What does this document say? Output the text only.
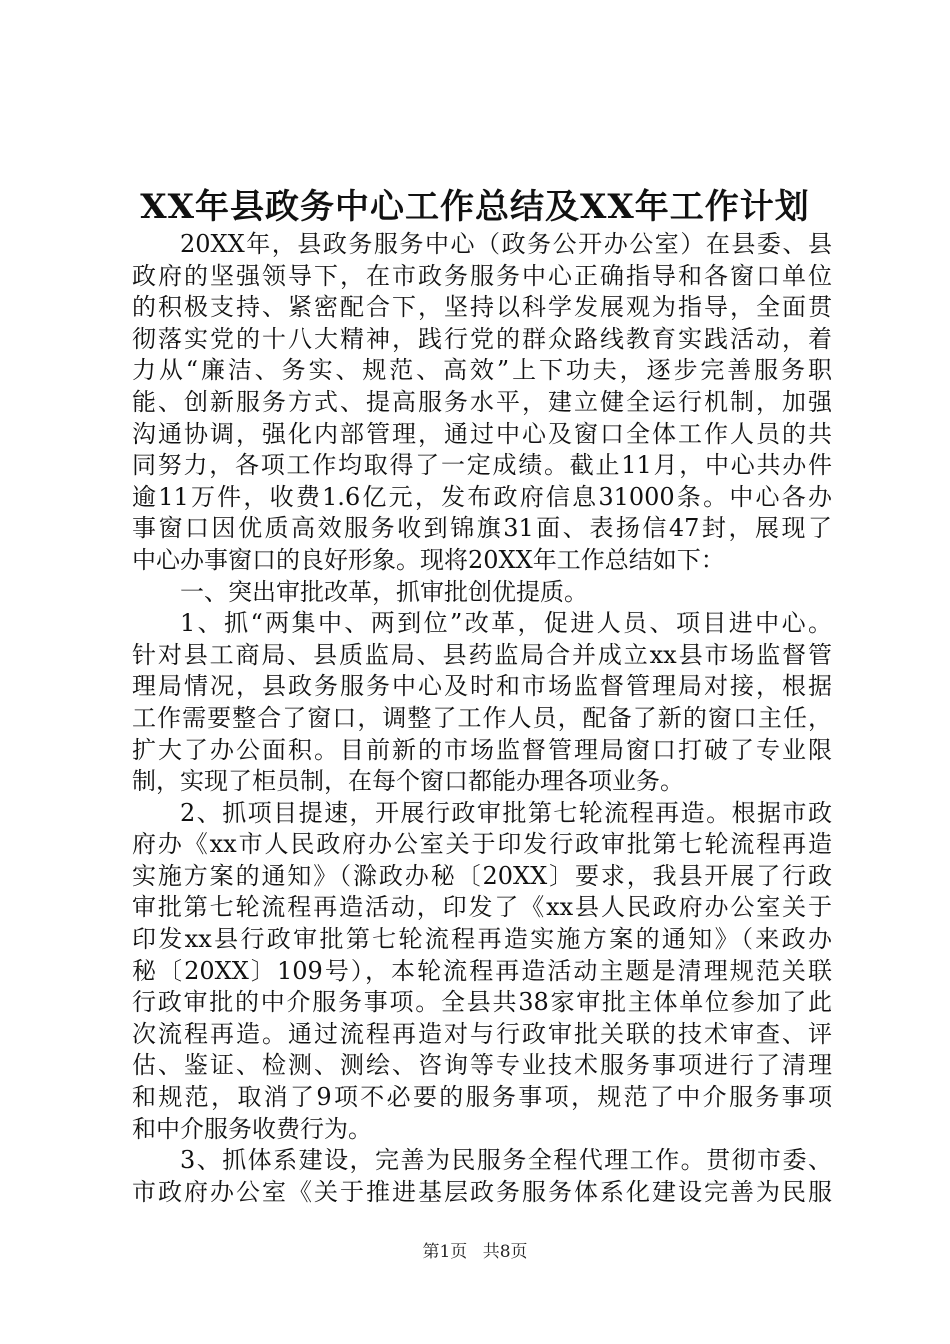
XX年县政务中心工作总结及XX年工作计划
20XX年，县政务服务中心（政务公开办公室）在县委、县
政府的坚强领导下，在市政务服务中心正确指导和各窗口单位
的积极支持、紧密配合下，坚持以科学发展观为指导，全面贯
彻落实党的十八大精神，践行党的群众路线教育实践活动，着
力从“廉洁、务实、规范、高效”上下功夫，逐步完善服务职
能、创新服务方式、提高服务水平，建立健全运行机制，加强
沟通协调，强化内部管理，通过中心及窗口全体工作人员的共
同努力，各项工作均取得了一定成绩。截止11月，中心共办件
逾11万件，收费1.6亿元，发布政府信息31000条。中心各办
事窗口因优质高效服务收到锦旗31面、表扬信47封，展现了
中心办事窗口的良好形象。现将20XX年工作总结如下：
一、突出审批改革，抓审批创优提质。
1、抓“两集中、两到位”改革，促进人员、项目进中心。
针对县工商局、县质监局、县药监局合并成立xx县市场监督管
理局情况，县政务服务中心及时和市场监督管理局对接，根据
工作需要整合了窗口，调整了工作人员，配备了新的窗口主任，
扩大了办公面积。目前新的市场监督管理局窗口打破了专业限
制，实现了柜员制，在每个窗口都能办理各项业务。
2、抓项目提速，开展行政审批第七轮流程再造。根据市政
府办《xx市人民政府办公室关于印发行政审批第七轮流程再造
实施方案的通知》（滁政办秘〔20XX〕要求，我县开展了行政
审批第七轮流程再造活动，印发了《xx县人民政府办公室关于
印发xx县行政审批第七轮流程再造实施方案的通知》（来政办
秘〔20XX〕109号），本轮流程再造活动主题是清理规范关联
行政审批的中介服务事项。全县共38家审批主体单位参加了此
次流程再造。通过流程再造对与行政审批关联的技术审查、评
估、鉴证、检测、测绘、咨询等专业技术服务事项进行了清理
和规范，取消了9项不必要的服务事项，规范了中介服务事项
和中介服务收费行为。
3、抓体系建设，完善为民服务全程代理工作。贯彻市委、
市政府办公室《关于推进基层政务服务体系化建设完善为民服
第1页 共8页
